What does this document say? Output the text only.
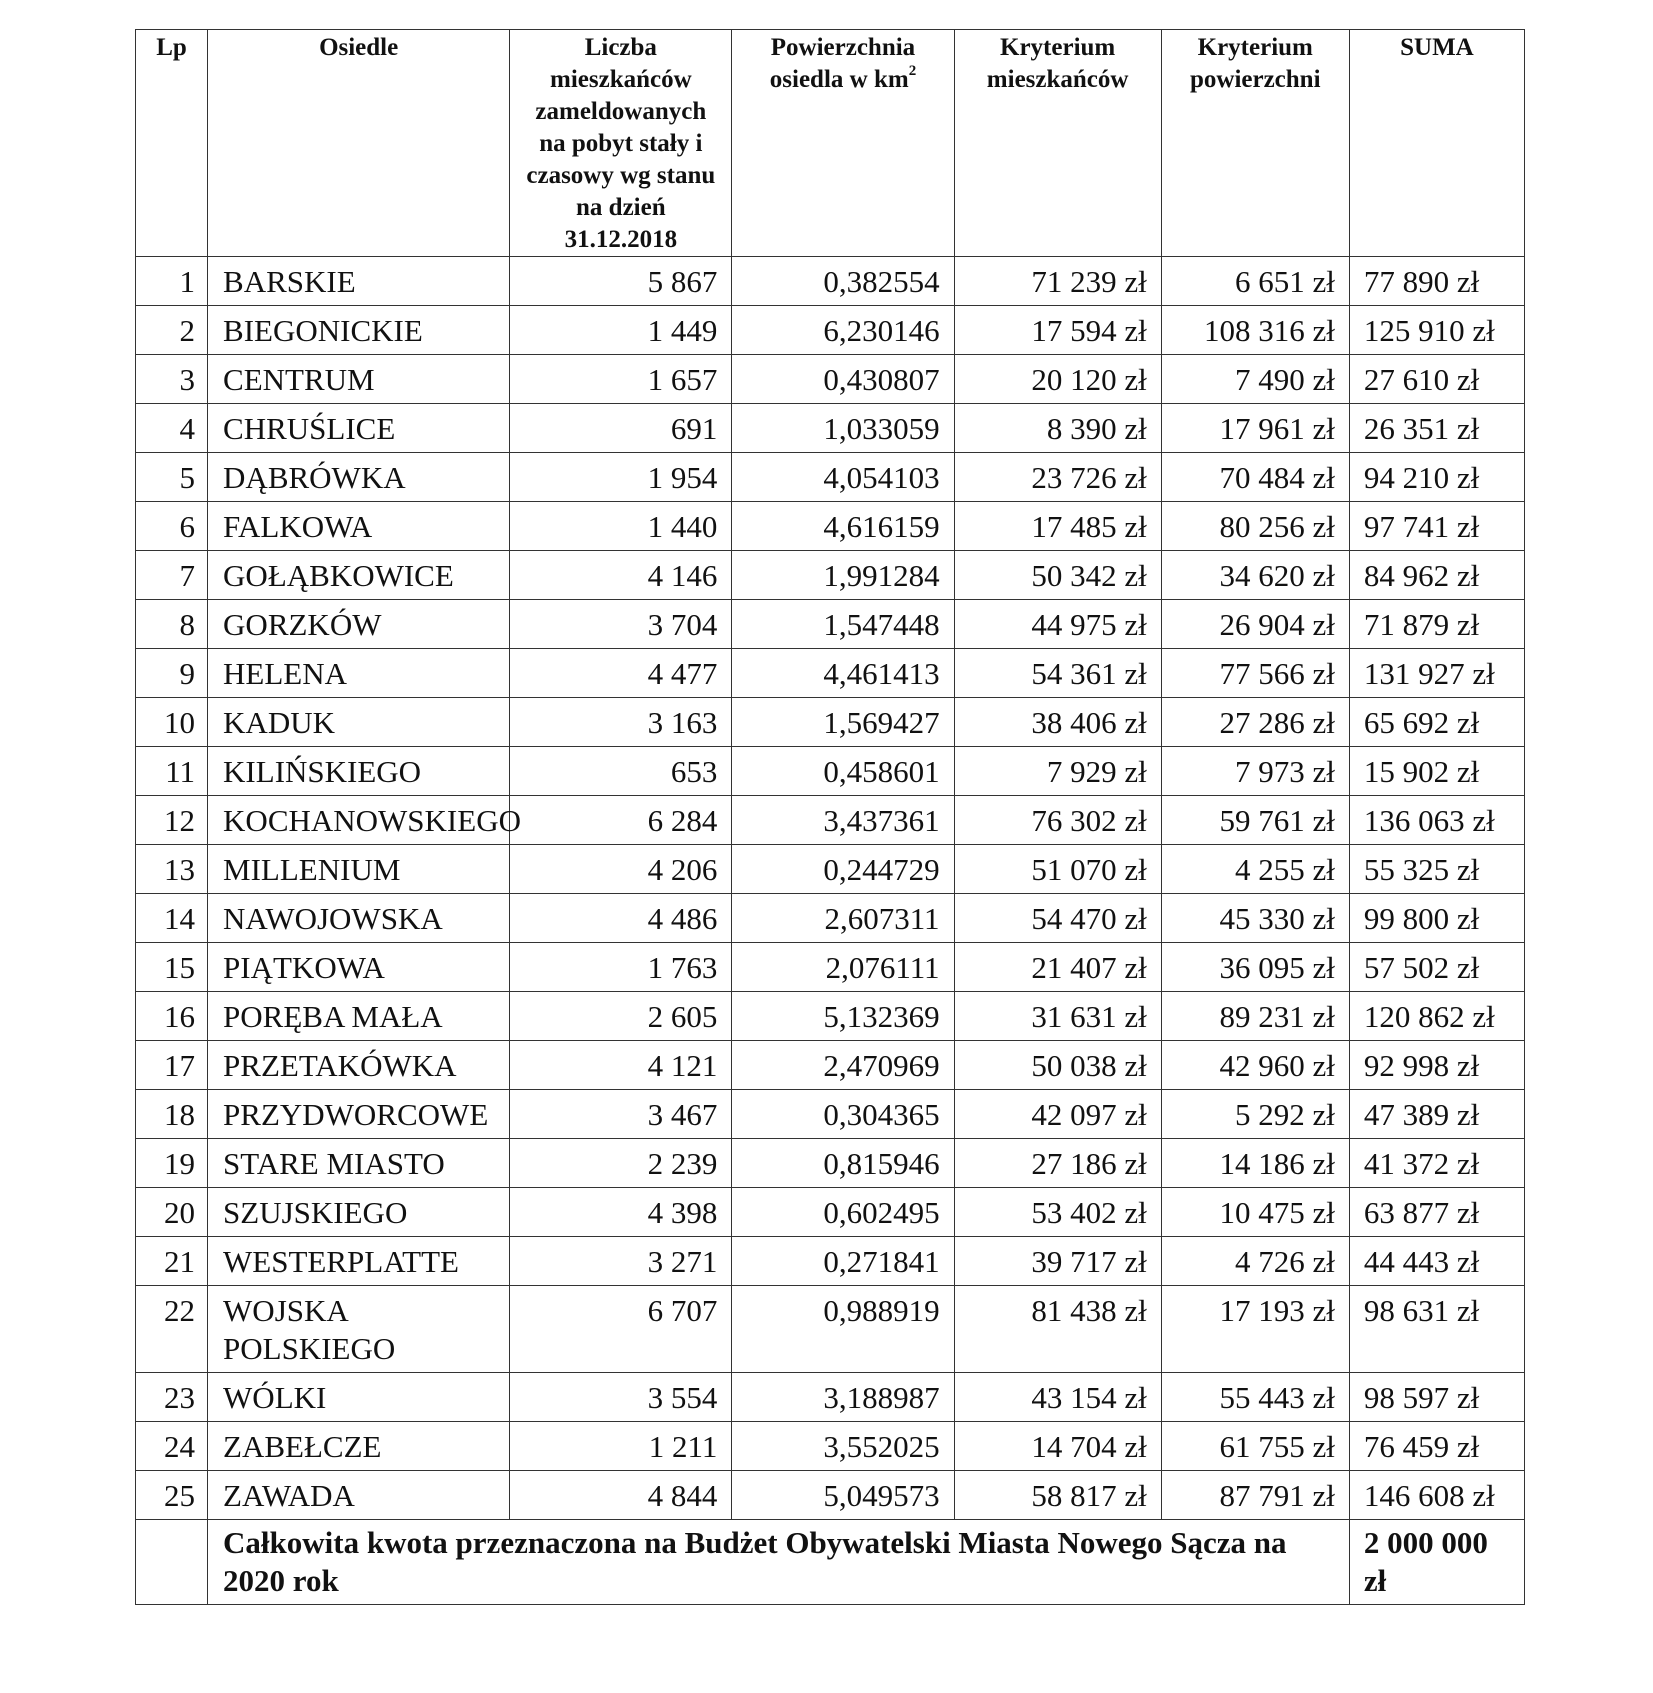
Lp	Osiedle	Liczba mieszkańców zameldowanych na pobyt stały i czasowy wg stanu na dzień 31.12.2018	Powierzchnia osiedla w $km^2$	Kryterium mieszkańców	Kryterium powierzchni	SUMA
1	BARSKIE	5 867	0,382554	71 239 zł	6 651 zł	77 890 zł
2	BIEGONICKIE	1 449	6,230146	17 594 zł	108 316 zł	125 910 zł
3	CENTRUM	1 657	0,430807	20 120 zł	7 490 zł	27 610 zł
4	CHRUŚLICE	691	1,033059	8 390 zł	17 961 zł	26 351 zł
5	DĄBRÓWKA	1 954	4,054103	23 726 zł	70 484 zł	94 210 zł
6	FALKOWA	1 440	4,616159	17 485 zł	80 256 zł	97 741 zł
7	GOŁĄBKOWICE	4 146	1,991284	50 342 zł	34 620 zł	84 962 zł
8	GORZKÓW	3 704	1,547448	44 975 zł	26 904 zł	71 879 zł
9	HELENA	4 477	4,461413	54 361 zł	77 566 zł	131 927 zł
10	KADUK	3 163	1,569427	38 406 zł	27 286 zł	65 692 zł
11	KILIŃSKIEGO	653	0,458601	7 929 zł	7 973 zł	15 902 zł
12	KOCHANOWSKIEGO	6 284	3,437361	76 302 zł	59 761 zł	136 063 zł
13	MILLENIUM	4 206	0,244729	51 070 zł	4 255 zł	55 325 zł
14	NAWOJOWSKA	4 486	2,607311	54 470 zł	45 330 zł	99 800 zł
15	PIĄTKOWA	1 763	2,076111	21 407 zł	36 095 zł	57 502 zł
16	PORĘBA MAŁA	2 605	5,132369	31 631 zł	89 231 zł	120 862 zł
17	PRZETAKÓWKA	4 121	2,470969	50 038 zł	42 960 zł	92 998 zł
18	PRZYDWORCOWE	3 467	0,304365	42 097 zł	5 292 zł	47 389 zł
19	STARE MIASTO	2 239	0,815946	27 186 zł	14 186 zł	41 372 zł
20	SZUJSKIEGO	4 398	0,602495	53 402 zł	10 475 zł	63 877 zł
21	WESTERPLATTE	3 271	0,271841	39 717 zł	4 726 zł	44 443 zł
22	WOJSKA POLSKIEGO	6 707	0,988919	81 438 zł	17 193 zł	98 631 zł
23	WÓLKI	3 554	3,188987	43 154 zł	55 443 zł	98 597 zł
24	ZABEŁCZE	1 211	3,552025	14 704 zł	61 755 zł	76 459 zł
25	ZAWADA	4 844	5,049573	58 817 zł	87 791 zł	146 608 zł
	Całkowita kwota przeznaczona na Budżet Obywatelski Miasta Nowego Sącza na 2020 rok					2 000 000 zł
